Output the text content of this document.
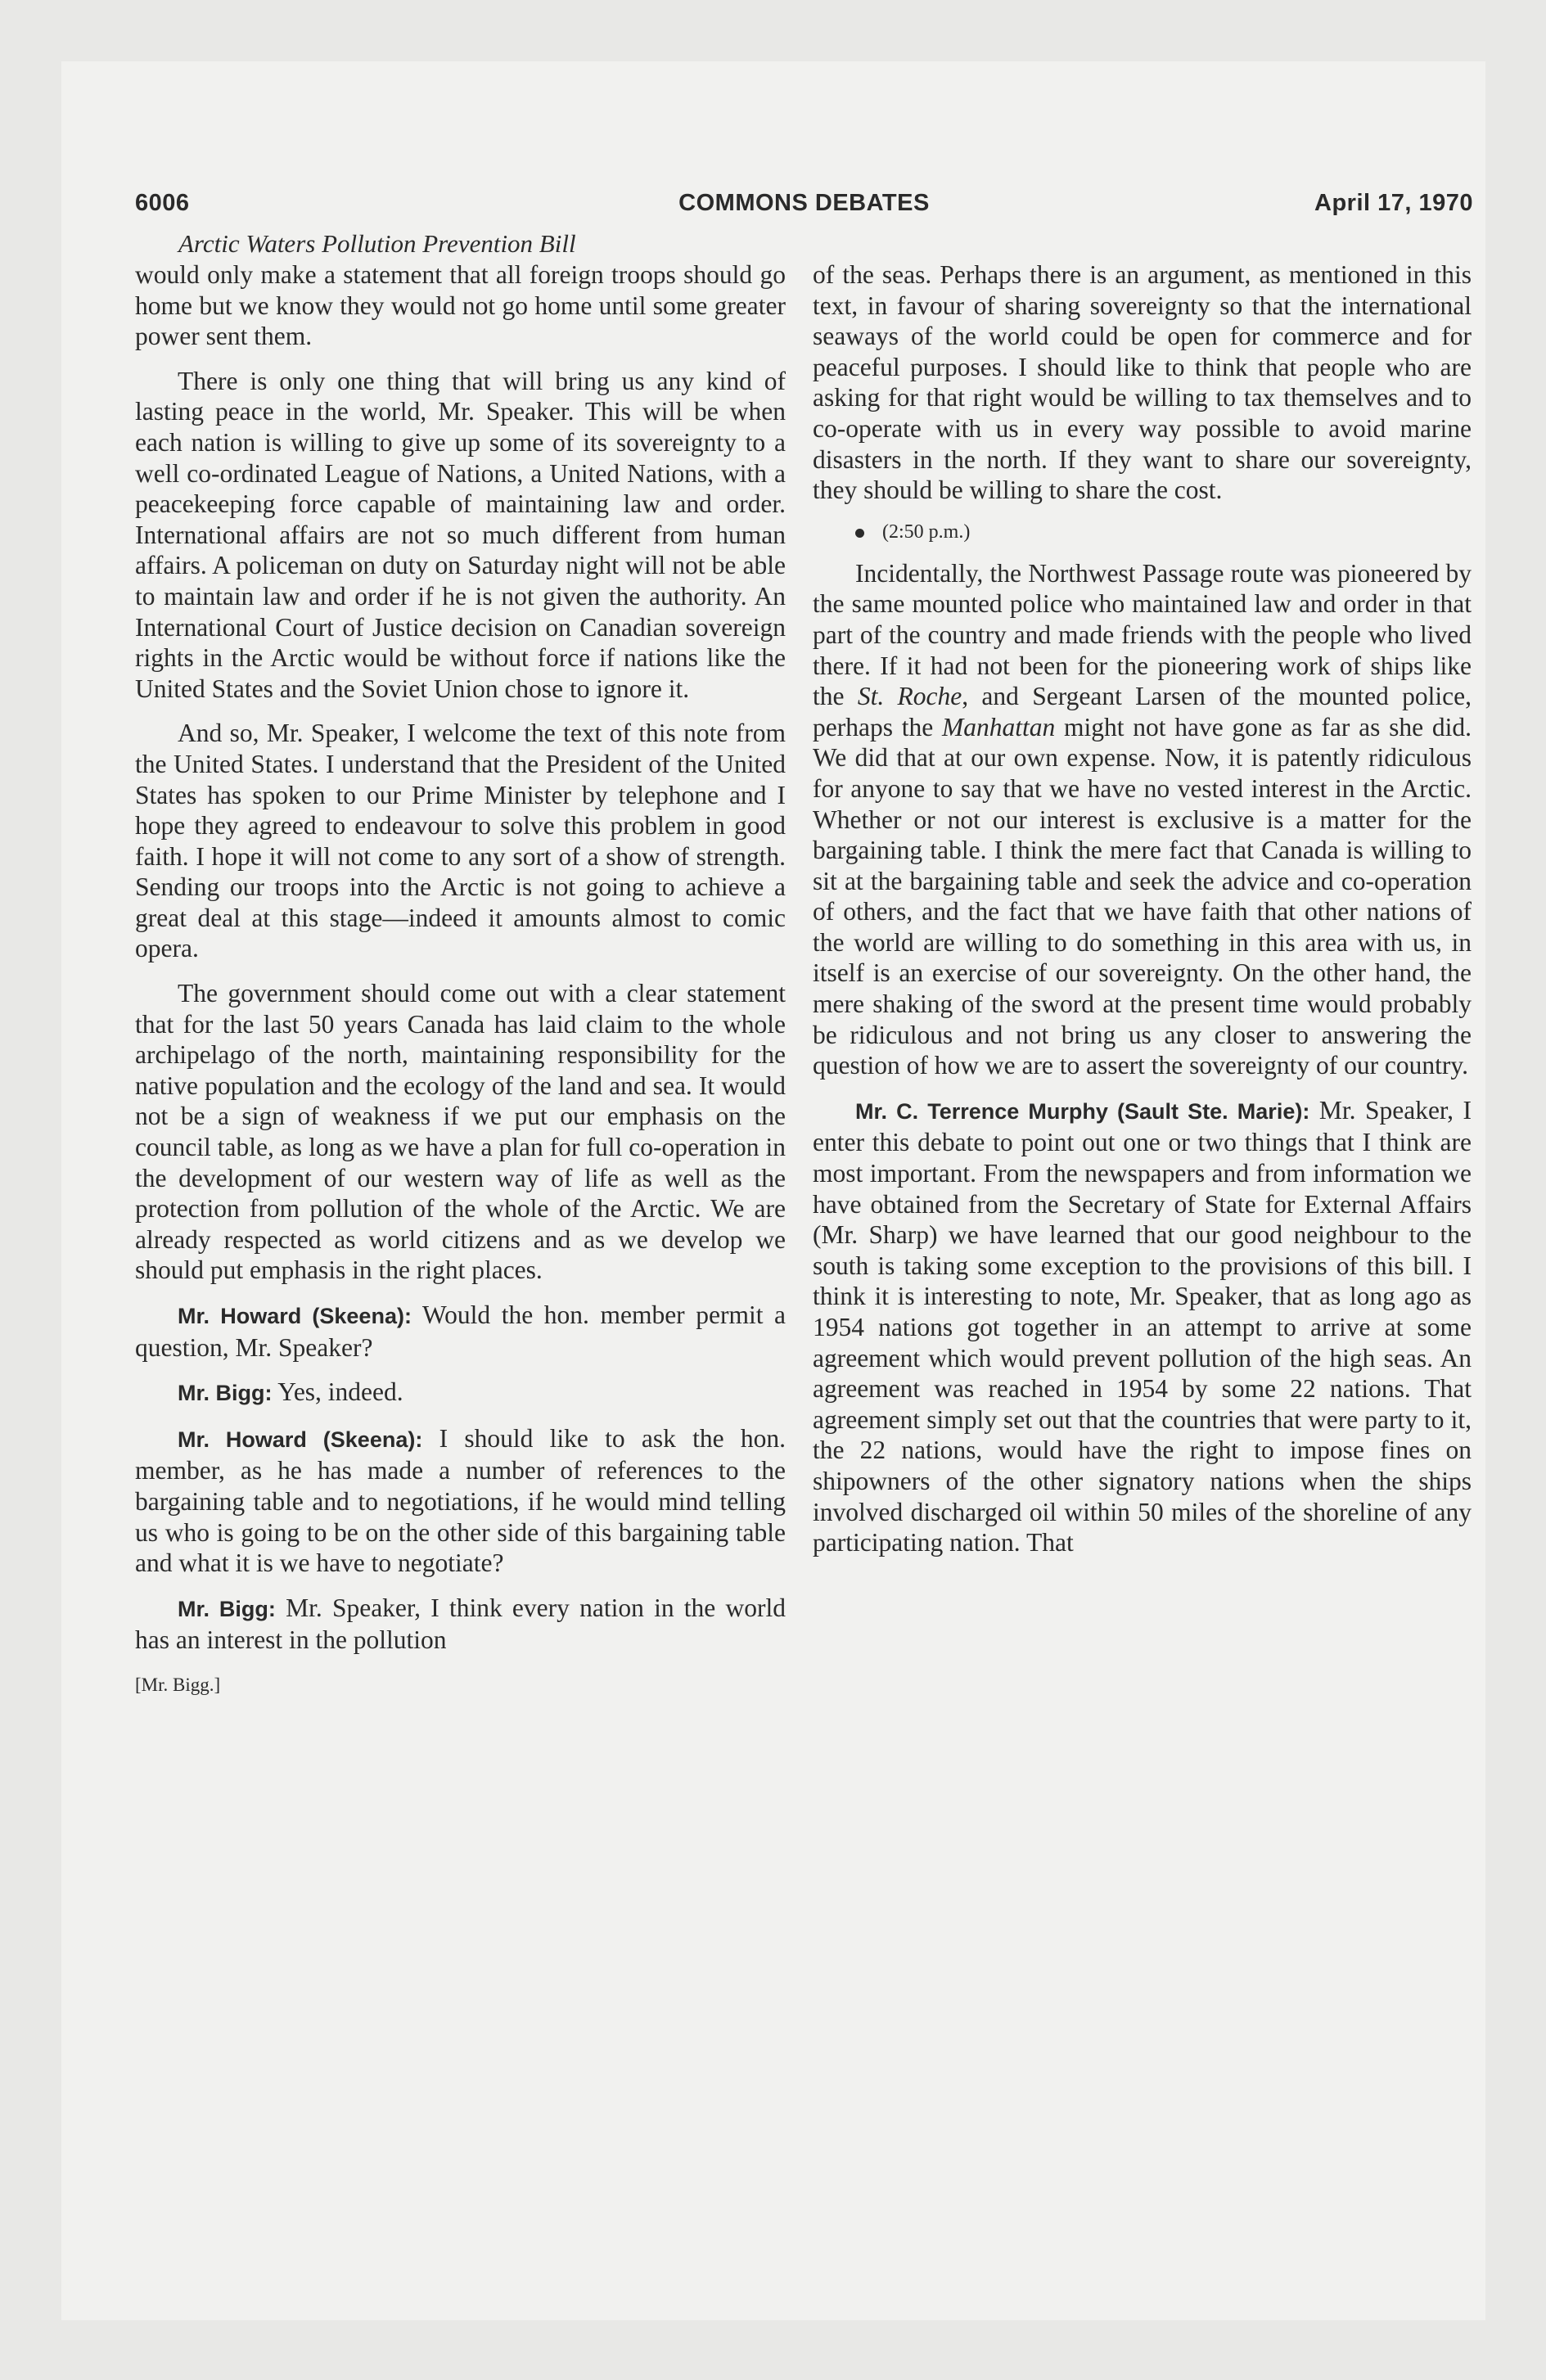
6006	COMMONS DEBATES	April 17, 1970
Arctic Waters Pollution Prevention Bill

would only make a statement that all foreign troops should go home but we know they would not go home until some greater power sent them.

There is only one thing that will bring us any kind of lasting peace in the world, Mr. Speaker. This will be when each nation is willing to give up some of its sovereignty to a well co-ordinated League of Nations, a United Nations, with a peacekeeping force capable of maintaining law and order. International affairs are not so much different from human affairs. A policeman on duty on Saturday night will not be able to maintain law and order if he is not given the authority. An International Court of Justice decision on Canadian sovereign rights in the Arctic would be without force if nations like the United States and the Soviet Union chose to ignore it.

And so, Mr. Speaker, I welcome the text of this note from the United States. I understand that the President of the United States has spoken to our Prime Minister by telephone and I hope they agreed to endeavour to solve this problem in good faith. I hope it will not come to any sort of a show of strength. Sending our troops into the Arctic is not going to achieve a great deal at this stage—indeed it amounts almost to comic opera.

The government should come out with a clear statement that for the last 50 years Canada has laid claim to the whole archipelago of the north, maintaining responsibility for the native population and the ecology of the land and sea. It would not be a sign of weakness if we put our emphasis on the council table, as long as we have a plan for full co-operation in the development of our western way of life as well as the protection from pollution of the whole of the Arctic. We are already respected as world citizens and as we develop we should put emphasis in the right places.

Mr. Howard (Skeena): Would the hon. member permit a question, Mr. Speaker?

Mr. Bigg: Yes, indeed.

Mr. Howard (Skeena): I should like to ask the hon. member, as he has made a number of references to the bargaining table and to negotiations, if he would mind telling us who is going to be on the other side of this bargaining table and what it is we have to negotiate?

Mr. Bigg: Mr. Speaker, I think every nation in the world has an interest in the pollution

[Mr. Bigg.]

of the seas. Perhaps there is an argument, as mentioned in this text, in favour of sharing sovereignty so that the international seaways of the world could be open for commerce and for peaceful purposes. I should like to think that people who are asking for that right would be willing to tax themselves and to co-operate with us in every way possible to avoid marine disasters in the north. If they want to share our sovereignty, they should be willing to share the cost.

(2:50 p.m.)

Incidentally, the Northwest Passage route was pioneered by the same mounted police who maintained law and order in that part of the country and made friends with the people who lived there. If it had not been for the pioneering work of ships like the St. Roche, and Sergeant Larsen of the mounted police, perhaps the Manhattan might not have gone as far as she did. We did that at our own expense. Now, it is patently ridiculous for anyone to say that we have no vested interest in the Arctic. Whether or not our interest is exclusive is a matter for the bargaining table. I think the mere fact that Canada is willing to sit at the bargaining table and seek the advice and co-operation of others, and the fact that we have faith that other nations of the world are willing to do something in this area with us, in itself is an exercise of our sovereignty. On the other hand, the mere shaking of the sword at the present time would probably be ridiculous and not bring us any closer to answering the question of how we are to assert the sovereignty of our country.

Mr. C. Terrence Murphy (Sault Ste. Marie): Mr. Speaker, I enter this debate to point out one or two things that I think are most important. From the newspapers and from information we have obtained from the Secretary of State for External Affairs (Mr. Sharp) we have learned that our good neighbour to the south is taking some exception to the provisions of this bill. I think it is interesting to note, Mr. Speaker, that as long ago as 1954 nations got together in an attempt to arrive at some agreement which would prevent pollution of the high seas. An agreement was reached in 1954 by some 22 nations. That agreement simply set out that the countries that were party to it, the 22 nations, would have the right to impose fines on shipowners of the other signatory nations when the ships involved discharged oil within 50 miles of the shoreline of any participating nation. That
